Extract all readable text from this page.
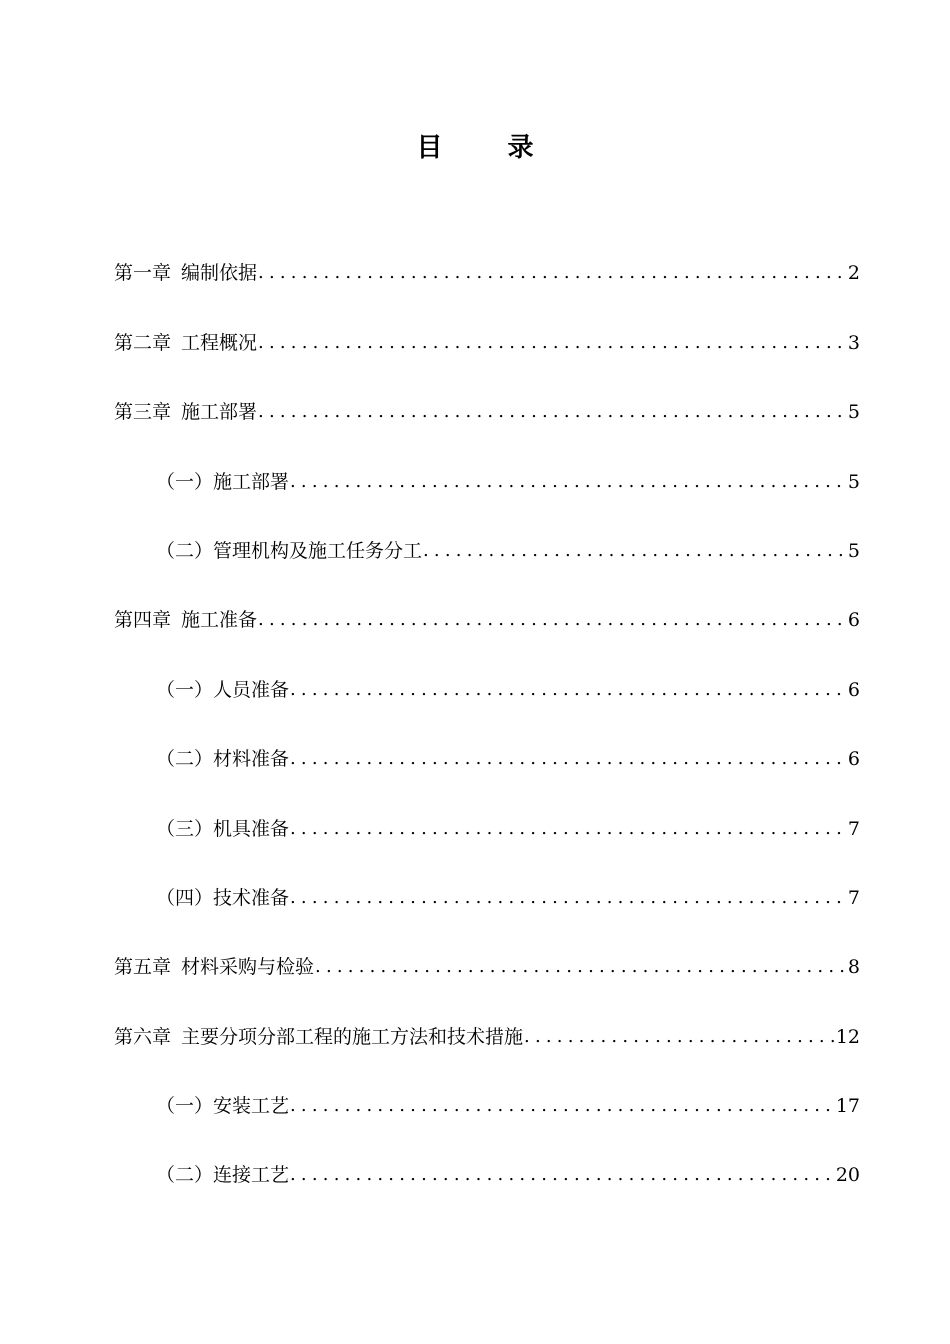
目 录
第一章 编制依据 .....	2
第二章 工程概况 .....	3
第三章 施工部署 .....	5
（一）施工部署 .....	5
（二）管理机构及施工任务分工 .....	5
第四章 施工准备 .....	6
（一）人员准备 .....	6
（二）材料准备 .....	6
（三）机具准备 .....	7
（四）技术准备 .....	7
第五章 材料采购与检验 .....	8
第六章 主要分项分部工程的施工方法和技术措施 .....	12
（一）安装工艺 .....	17
（二）连接工艺 .....	20
